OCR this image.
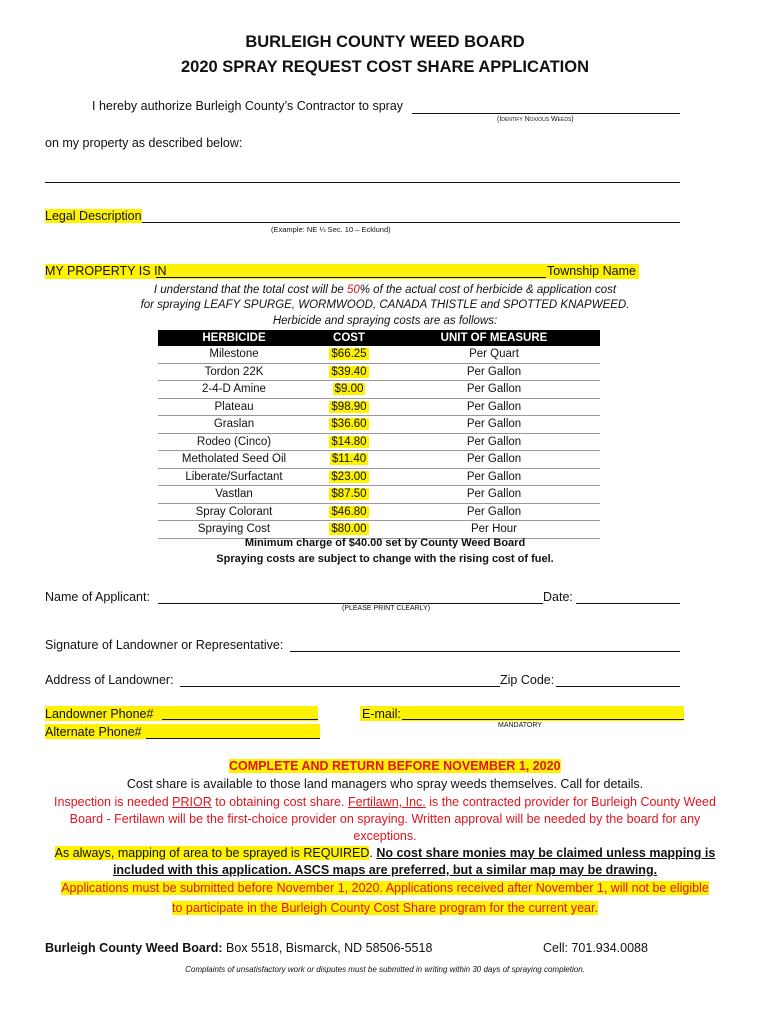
BURLEIGH COUNTY WEED BOARD
2020 SPRAY REQUEST COST SHARE APPLICATION
I hereby authorize Burleigh County’s Contractor to spray
(Identify Noxious Weeds)
on my property as described below:
Legal Description
(Example: NE ¼ Sec. 10 – Ecklund)
MY PROPERTY IS IN	Township Name
I understand that the total cost will be 50% of the actual cost of herbicide & application cost
for spraying LEAFY SPURGE, WORMWOOD, CANADA THISTLE and SPOTTED KNAPWEED.
Herbicide and spraying costs are as follows:
HERBICIDE	COST	UNIT OF MEASURE
Milestone	$66.25	Per Quart
Tordon 22K	$39.40	Per Gallon
2-4-D Amine	$9.00	Per Gallon
Plateau	$98.90	Per Gallon
Graslan	$36.60	Per Gallon
Rodeo (Cinco)	$14.80	Per Gallon
Metholated Seed Oil	$11.40	Per Gallon
Liberate/Surfactant	$23.00	Per Gallon
Vastlan	$87.50	Per Gallon
Spray Colorant	$46.80	Per Gallon
Spraying Cost	$80.00	Per Hour
Minimum charge of $40.00 set by County Weed Board
Spraying costs are subject to change with the rising cost of fuel.
Name of Applicant:	Date:
(PLEASE PRINT CLEARLY)
Signature of Landowner or Representative:
Address of Landowner:	Zip Code:
Landowner Phone#
Alternate Phone#
E-mail:
MANDATORY
COMPLETE AND RETURN BEFORE NOVEMBER 1, 2020
Cost share is available to those land managers who spray weeds themselves. Call for details.
Inspection is needed PRIOR to obtaining cost share. Fertilawn, Inc. is the contracted provider for Burleigh County Weed
Board - Fertilawn will be the first-choice provider on spraying. Written approval will be needed by the board for any
exceptions.
As always, mapping of area to be sprayed is REQUIRED. No cost share monies may be claimed unless mapping is
included with this application. ASCS maps are preferred, but a similar map may be drawing.
Applications must be submitted before November 1, 2020. Applications received after November 1, will not be eligible
to participate in the Burleigh County Cost Share program for the current year.
Burleigh County Weed Board: Box 5518, Bismarck, ND 58506-5518	Cell: 701.934.0088
Complaints of unsatisfactory work or disputes must be submitted in writing within 30 days of spraying completion.
